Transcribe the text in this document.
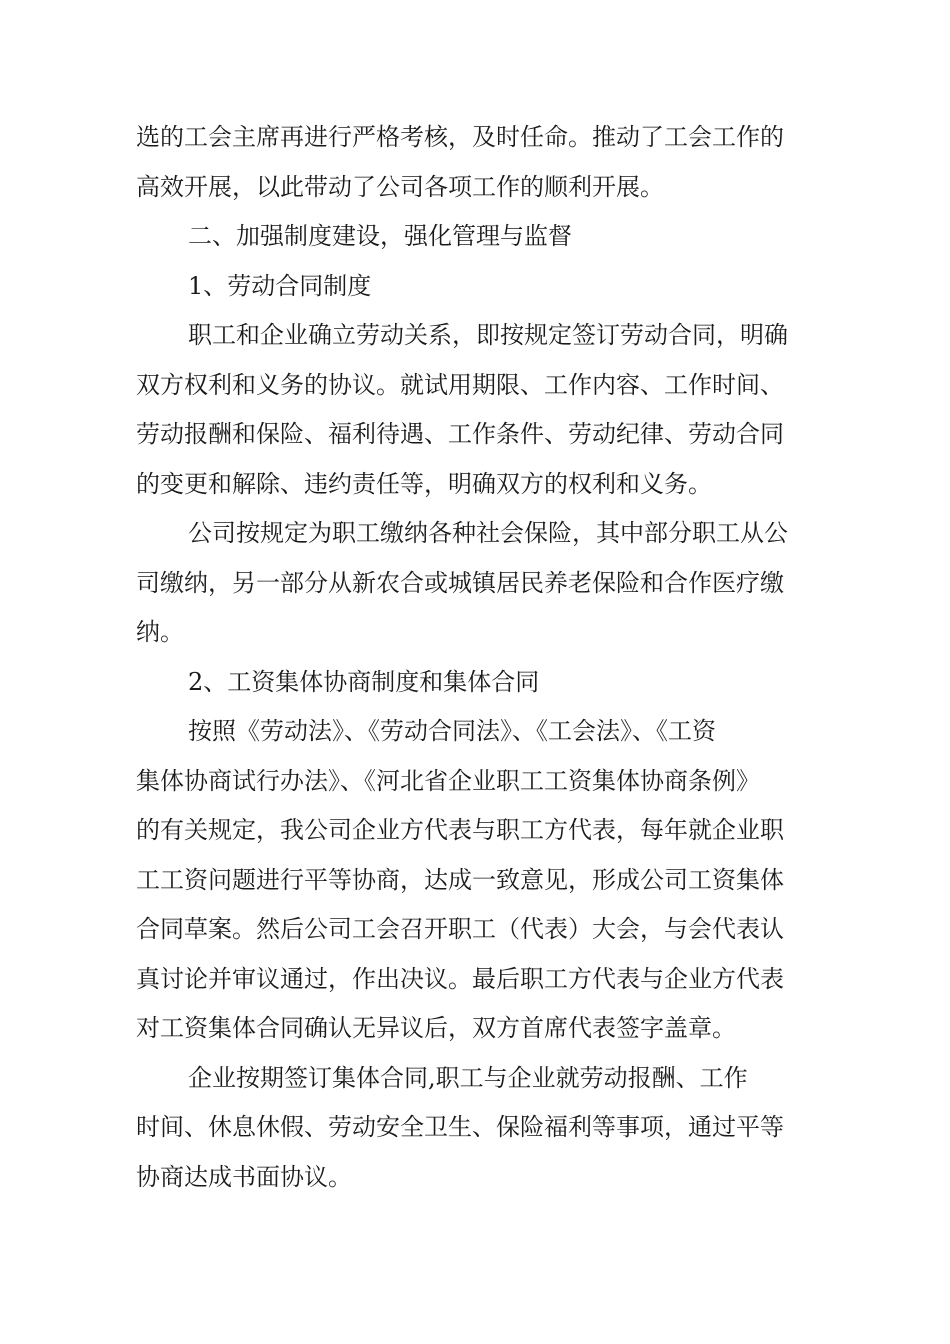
选的工会主席再进行严格考核，及时任命。推动了工会工作的
高效开展，以此带动了公司各项工作的顺利开展。
二、加强制度建设，强化管理与监督
1、劳动合同制度
职工和企业确立劳动关系，即按规定签订劳动合同，明确
双方权利和义务的协议。就试用期限、工作内容、工作时间、
劳动报酬和保险、福利待遇、工作条件、劳动纪律、劳动合同
的变更和解除、违约责任等，明确双方的权利和义务。
公司按规定为职工缴纳各种社会保险，其中部分职工从公
司缴纳，另一部分从新农合或城镇居民养老保险和合作医疗缴
纳。
2、工资集体协商制度和集体合同
按照《劳动法》、《劳动合同法》、《工会法》、《工资
集体协商试行办法》、《河北省企业职工工资集体协商条例》
的有关规定，我公司企业方代表与职工方代表，每年就企业职
工工资问题进行平等协商，达成一致意见，形成公司工资集体
合同草案。然后公司工会召开职工（代表）大会，与会代表认
真讨论并审议通过，作出决议。最后职工方代表与企业方代表
对工资集体合同确认无异议后，双方首席代表签字盖章。
企业按期签订集体合同,职工与企业就劳动报酬、工作
时间、休息休假、劳动安全卫生、保险福利等事项，通过平等
协商达成书面协议。
